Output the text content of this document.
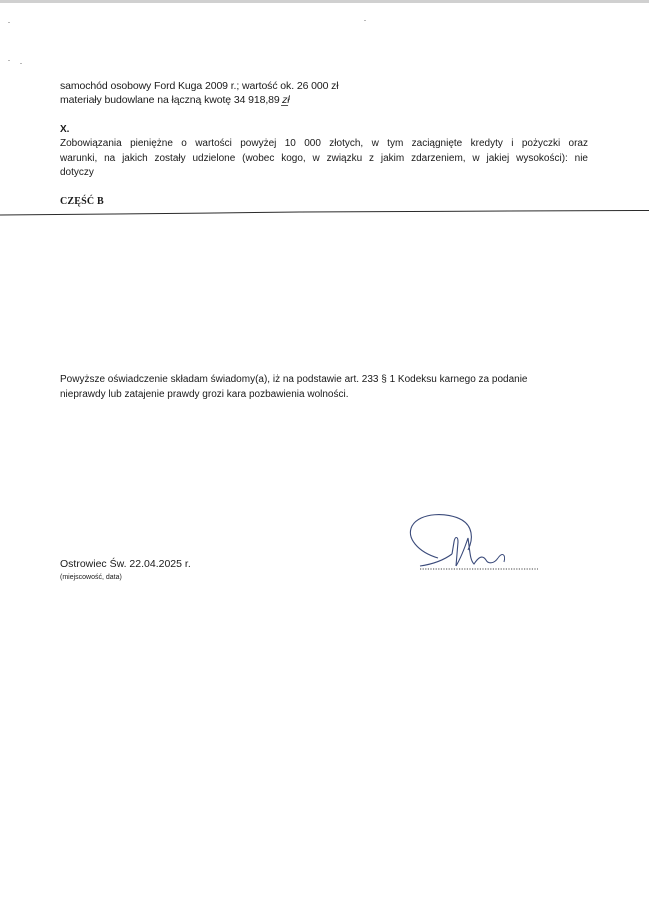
samochód osobowy Ford Kuga 2009 r.; wartość ok. 26 000 zł

materiały budowlane na łączną kwotę 34 918,89 zł

X.

Zobowiązania pieniężne o wartości powyżej 10 000 złotych, w tym zaciągnięte kredyty i pożyczki oraz

warunki, na jakich zostały udzielone (wobec kogo, w związku z jakim zdarzeniem, w jakiej wysokości): nie

dotyczy

CZĘŚĆ B

Powyższe oświadczenie składam świadomy(a), iż na podstawie art. 233 § 1 Kodeksu karnego za podanie

nieprawdy lub zatajenie prawdy grozi kara pozbawienia wolności.

Ostrowiec Św. 22.04.2025 r.

(miejscowość, data)
